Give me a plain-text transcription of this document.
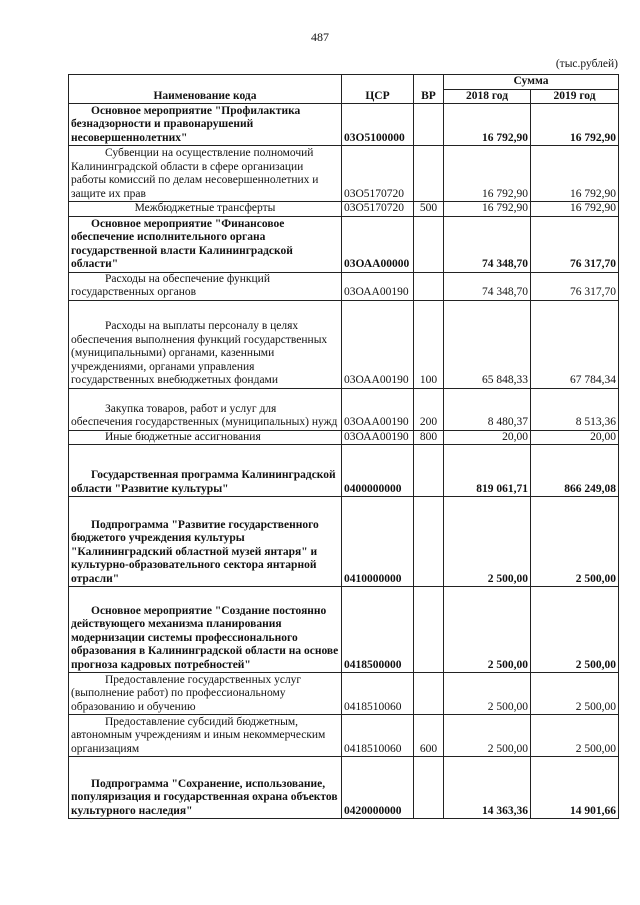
487
(тыс.рублей)
Наименование кода	ЦСР	ВР	Сумма	
			2018 год	2019 год
Основное мероприятие "Профилактика безнадзорности и правонарушений несовершеннолетних"	03О5100000		16 792,90	16 792,90
Субвенции на осуществление полномочий Калининградской области в сфере организации работы комиссий по делам несовершеннолетних и защите их прав	03О5170720		16 792,90	16 792,90
Межбюджетные трансферты	03О5170720	500	16 792,90	16 792,90
Основное мероприятие "Финансовое обеспечение исполнительного органа государственной власти Калининградской области"	03ОАА00000		74 348,70	76 317,70
Расходы на обеспечение функций государственных органов	03ОАА00190		74 348,70	76 317,70
Расходы на выплаты персоналу в целях обеспечения выполнения функций государственных (муниципальными) органами, казенными учреждениями, органами управления государственных внебюджетных фондами	03ОАА00190	100	65 848,33	67 784,34
Закупка товаров, работ и услуг для обеспечения государственных (муниципальных) нужд	03ОАА00190	200	8 480,37	8 513,36
Иные бюджетные ассигнования	03ОАА00190	800	20,00	20,00
Государственная программа Калининградской области "Развитие культуры"	0400000000		819 061,71	866 249,08
Подпрограмма "Развитие государственного бюджетого учреждения культуры "Калининградский областной музей янтаря" и культурно-образовательного сектора янтарной отрасли"	0410000000		2 500,00	2 500,00
Основное мероприятие "Создание постоянно действующего механизма планирования модернизации системы профессионального образования в Калининградской области на основе прогноза кадровых потребностей"	0418500000		2 500,00	2 500,00
Предоставление государственных услуг (выполнение работ) по профессиональному образованию и обучению	0418510060		2 500,00	2 500,00
Предоставление субсидий бюджетным, автономным учреждениям и иным некоммерческим организациям	0418510060	600	2 500,00	2 500,00
Подпрограмма "Сохранение, использование, популяризация и государственная охрана объектов культурного наследия"	0420000000		14 363,36	14 901,66
